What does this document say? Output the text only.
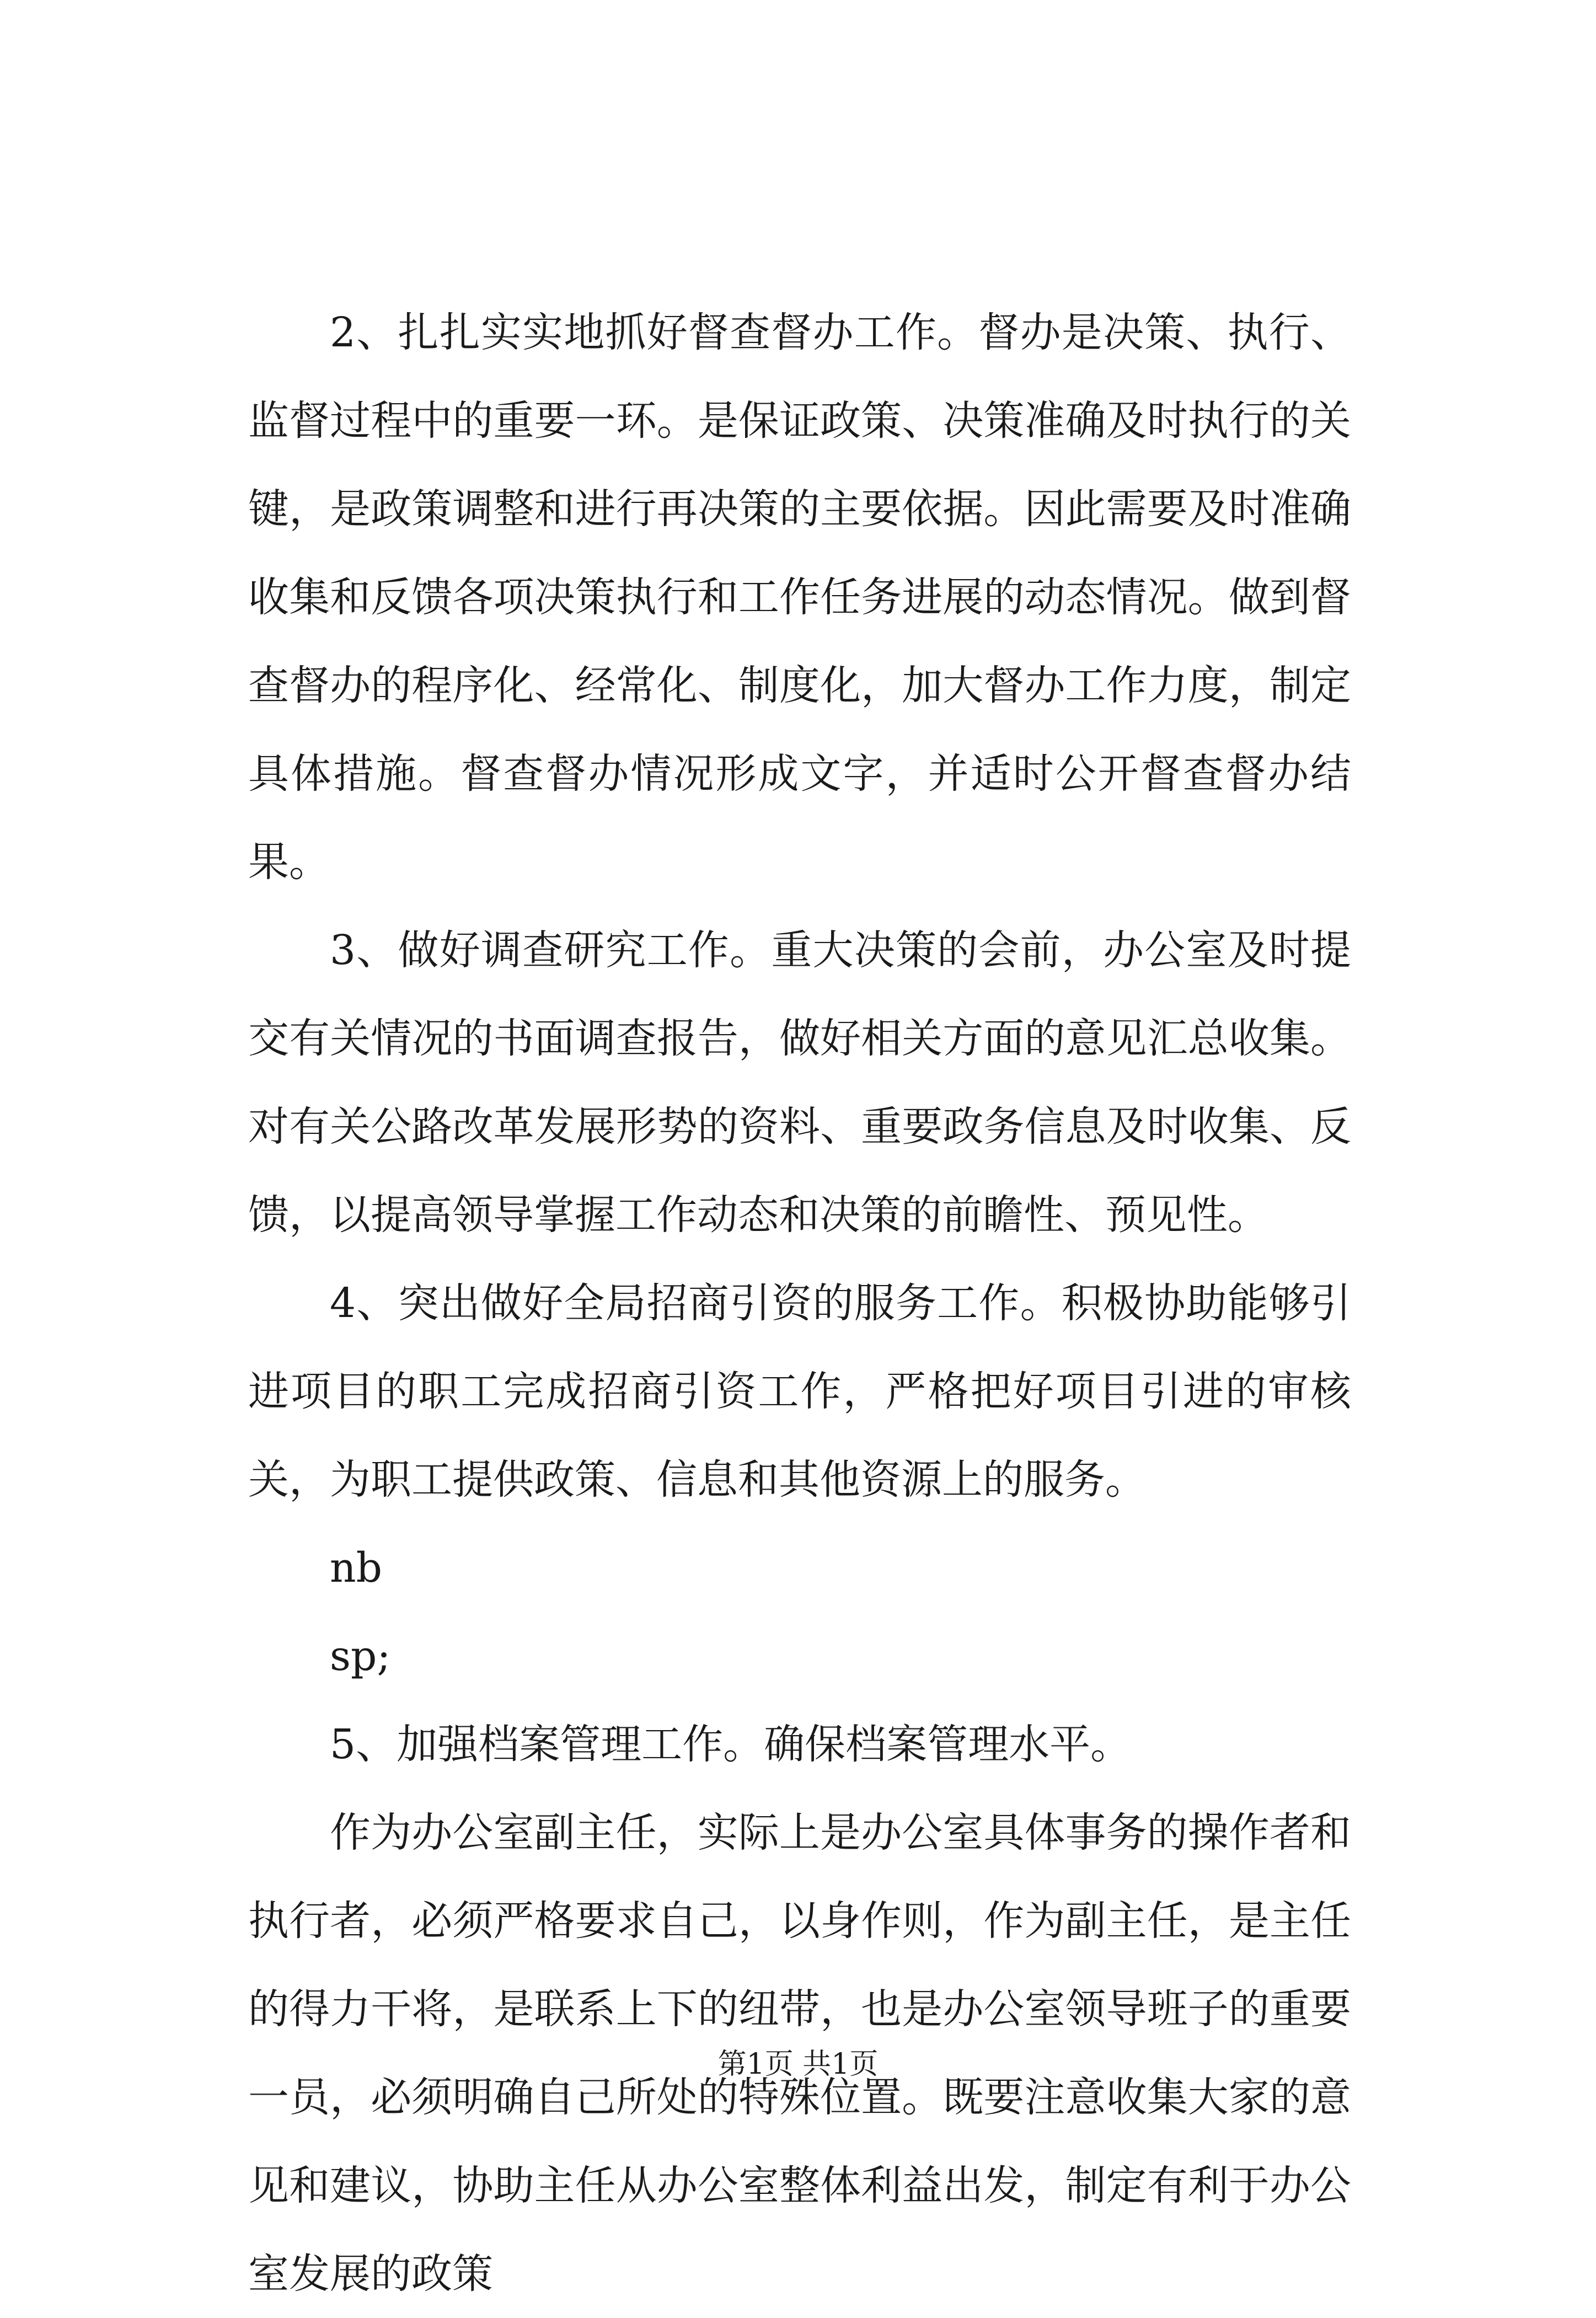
2、扎扎实实地抓好督查督办工作。督办是决策、执行、监督过程中的重要一环。是保证政策、决策准确及时执行的关键，是政策调整和进行再决策的主要依据。因此需要及时准确收集和反馈各项决策执行和工作任务进展的动态情况。做到督查督办的程序化、经常化、制度化，加大督办工作力度，制定具体措施。督查督办情况形成文字，并适时公开督查督办结果。

3、做好调查研究工作。重大决策的会前，办公室及时提交有关情况的书面调查报告，做好相关方面的意见汇总收集。对有关公路改革发展形势的资料、重要政务信息及时收集、反馈，以提高领导掌握工作动态和决策的前瞻性、预见性。

4、突出做好全局招商引资的服务工作。积极协助能够引进项目的职工完成招商引资工作，严格把好项目引进的审核关，为职工提供政策、信息和其他资源上的服务。

nb

sp;

5、加强档案管理工作。确保档案管理水平。

作为办公室副主任，实际上是办公室具体事务的操作者和执行者，必须严格要求自己，以身作则，作为副主任，是主任的得力干将，是联系上下的纽带，也是办公室领导班子的重要一员，必须明确自己所处的特殊位置。既要注意收集大家的意见和建议，协助主任从办公室整体利益出发，制定有利于办公室发展的政策

第1页 共1页
